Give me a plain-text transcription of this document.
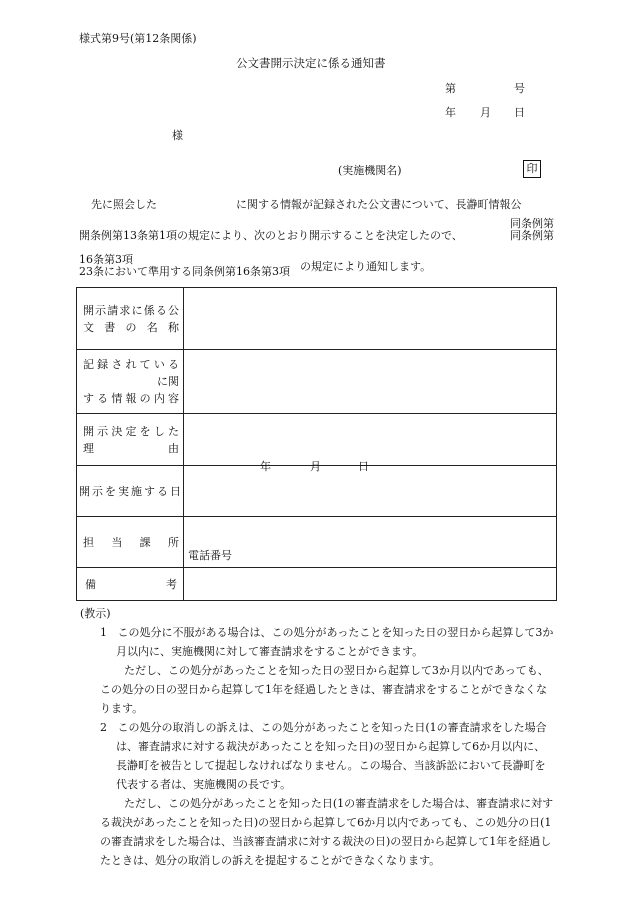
様式第9号(第12条関係)
公文書開示決定に係る通知書
第	号
年 月 日
様
(実施機関名)	印
先に照会した	に関する情報が記録された公文書について、長瀞町情報公
開条例第13条第1項の規定により、次のとおり開示することを決定したので、
同条例第
同条例第
16条第3項
23条において準用する同条例第16条第3項 の規定により通知します。
開示請求に係る公文書の名称	

記録されている
に関
する情報の内容	

開示決定をした
理由	

開示を実施する日	年 月 日

担当課所	電話番号

備考	

(教示)

1 この処分に不服がある場合は、この処分があったことを知った日の翌日から起算して3か月以内に、実施機関に対して審査請求をすることができます。

ただし、この処分があったことを知った日の翌日から起算して3か月以内であっても、この処分の日の翌日から起算して1年を経過したときは、審査請求をすることができなくなります。

2 この処分の取消しの訴えは、この処分があったことを知った日(1の審査請求をした場合は、審査請求に対する裁決があったことを知った日)の翌日から起算して6か月以内に、長瀞町を被告として提起しなければなりません。この場合、当該訴訟において長瀞町を代表する者は、実施機関の長です。

ただし、この処分があったことを知った日(1の審査請求をした場合は、審査請求に対する裁決があったことを知った日)の翌日から起算して6か月以内であっても、この処分の日(1の審査請求をした場合は、当該審査請求に対する裁決の日)の翌日から起算して1年を経過したときは、処分の取消しの訴えを提起することができなくなります。
